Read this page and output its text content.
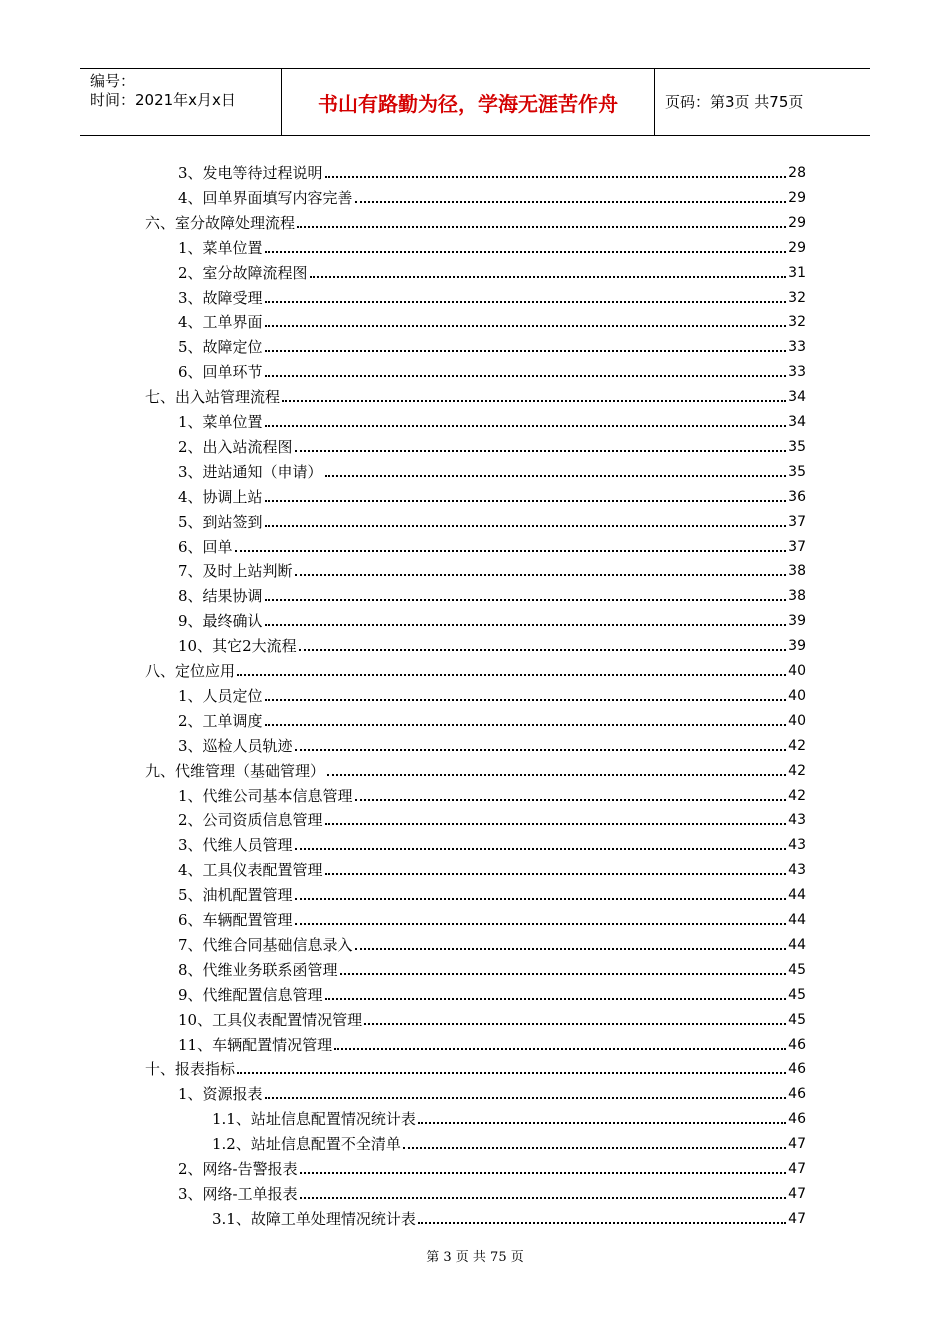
编号：
时间：2021年x月x日	书山有路勤为径，学海无涯苦作舟	页码：第3页 共75页
3、发电等待过程说明	28
4、回单界面填写内容完善	29
六、室分故障处理流程	29
1、菜单位置	29
2、室分故障流程图	31
3、故障受理	32
4、工单界面	32
5、故障定位	33
6、回单环节	33
七、出入站管理流程	34
1、菜单位置	34
2、出入站流程图	35
3、进站通知（申请）	35
4、协调上站	36
5、到站签到	37
6、回单	37
7、及时上站判断	38
8、结果协调	38
9、最终确认	39
10、其它2大流程	39
八、定位应用	40
1、人员定位	40
2、工单调度	40
3、巡检人员轨迹	42
九、代维管理（基础管理）	42
1、代维公司基本信息管理	42
2、公司资质信息管理	43
3、代维人员管理	43
4、工具仪表配置管理	43
5、油机配置管理	44
6、车辆配置管理	44
7、代维合同基础信息录入	44
8、代维业务联系函管理	45
9、代维配置信息管理	45
10、工具仪表配置情况管理	45
11、车辆配置情况管理	46
十、报表指标	46
1、资源报表	46
1.1、站址信息配置情况统计表	46
1.2、站址信息配置不全清单	47
2、网络-告警报表	47
3、网络-工单报表	47
3.1、故障工单处理情况统计表	47
第 3 页 共 75 页
